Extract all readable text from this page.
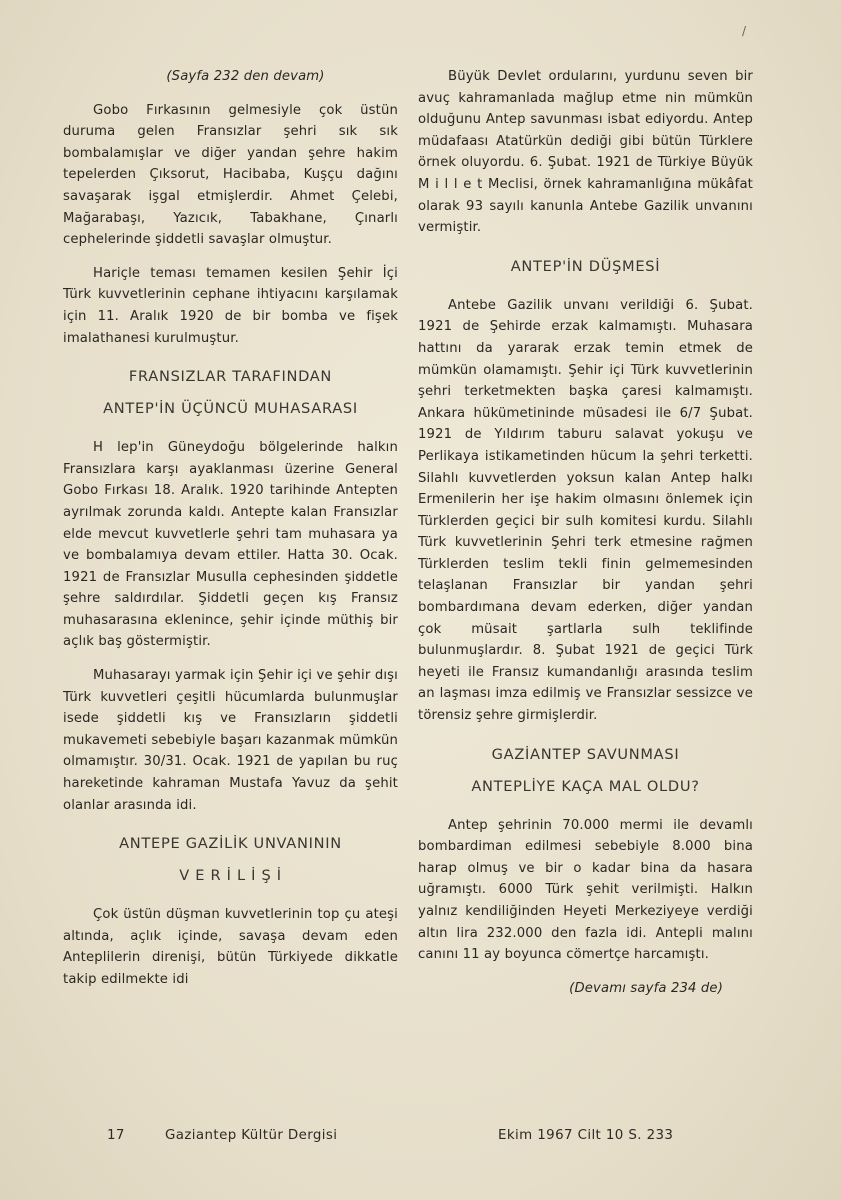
/

(Sayfa 232 den devam)

Gobo Fırkasının gelmesiyle çok üstün duruma gelen Fransızlar şehri sık sık bombalamışlar ve diğer yandan şehre hakim tepelerden Çıksorut, Hacibaba, Kuşçu dağını savaşarak işgal etmişlerdir. Ahmet Çelebi, Mağarabaşı, Yazıcık, Tabakhane, Çınarlı cephelerinde şiddetli savaşlar olmuştur.

Hariçle teması temamen kesilen Şehir İçi Türk kuvvetlerinin cephane ihtiyacını karşılamak için 11. Aralık 1920 de bir bomba ve fişek imalathanesi kurulmuştur.

FRANSIZLAR TARAFINDAN
ANTEP'İN ÜÇÜNCÜ MUHASARASI

H lep'in Güneydoğu bölgelerinde halkın Fransızlara karşı ayaklanması üzerine General Gobo Fırkası 18. Aralık. 1920 tarihinde Antepten ayrılmak zorunda kaldı. Antepte kalan Fransızlar elde mevcut kuvvetlerle şehri tam muhasara ya ve bombalamıya devam ettiler. Hatta 30. Ocak. 1921 de Fransızlar Musulla cephesinden şiddetle şehre saldırdılar. Şiddetli geçen kış Fransız muhasarasına eklenince, şehir içinde müthiş bir açlık baş göstermiştir.

Muhasarayı yarmak için Şehir içi ve şehir dışı Türk kuvvetleri çeşitli hücumlarda bulunmuşlar isede şiddetli kış ve Fransızların şiddetli mukavemeti sebebiyle başarı kazanmak mümkün olmamıştır. 30/31. Ocak. 1921 de yapılan bu ruç hareketinde kahraman Mustafa Yavuz da şehit olanlar arasında idi.

ANTEPE GAZİLİK UNVANININ
V E R İ L İ Ş İ

Çok üstün düşman kuvvetlerinin top çu ateşi altında, açlık içinde, savaşa devam eden Anteplilerin direnişi, bütün Türkiyede dikkatle takip edilmekte idi

Büyük Devlet ordularını, yurdunu seven bir avuç kahramanlada mağlup etme nin mümkün olduğunu Antep savunması isbat ediyordu. Antep müdafaası Atatürkün dediği gibi bütün Türklere örnek oluyordu. 6. Şubat. 1921 de Türkiye Büyük M i l l e t Meclisi, örnek kahramanlığına mükâfat olarak 93 sayılı kanunla Antebe Gazilik unvanını vermiştir.

ANTEP'İN DÜŞMESİ

Antebe Gazilik unvanı verildiği 6. Şubat. 1921 de Şehirde erzak kalmamıştı. Muhasara hattını da yararak erzak temin etmek de mümkün olamamıştı. Şehir içi Türk kuvvetlerinin şehri terketmekten başka çaresi kalmamıştı. Ankara hükümetininde müsadesi ile 6/7 Şubat. 1921 de Yıldırım taburu salavat yokuşu ve Perlikaya istikametinden hücum la şehri terketti. Silahlı kuvvetlerden yoksun kalan Antep halkı Ermenilerin her işe hakim olmasını önlemek için Türklerden geçici bir sulh komitesi kurdu. Silahlı Türk kuvvetlerinin Şehri terk etmesine rağmen Türklerden teslim tekli finin gelmemesinden telaşlanan Fransızlar bir yandan şehri bombardımana devam ederken, diğer yandan çok müsait şartlarla sulh teklifinde bulunmuşlardır. 8. Şubat 1921 de geçici Türk heyeti ile Fransız kumandanlığı arasında teslim an laşması imza edilmiş ve Fransızlar sessizce ve törensiz şehre girmişlerdir.

GAZİANTEP SAVUNMASI
ANTEPLİYE KAÇA MAL OLDU?

Antep şehrinin 70.000 mermi ile devamlı bombardiman edilmesi sebebiyle 8.000 bina harap olmuş ve bir o kadar bina da hasara uğramıştı. 6000 Türk şehit verilmişti. Halkın yalnız kendiliğinden Heyeti Merkeziyeye verdiği altın lira 232.000 den fazla idi. Antepli malını canını 11 ay boyunca cömertçe harcamıştı.

(Devamı sayfa 234 de)

17	Gaziantep Kültür Dergisi	Ekim 1967 Cilt 10 S. 233
